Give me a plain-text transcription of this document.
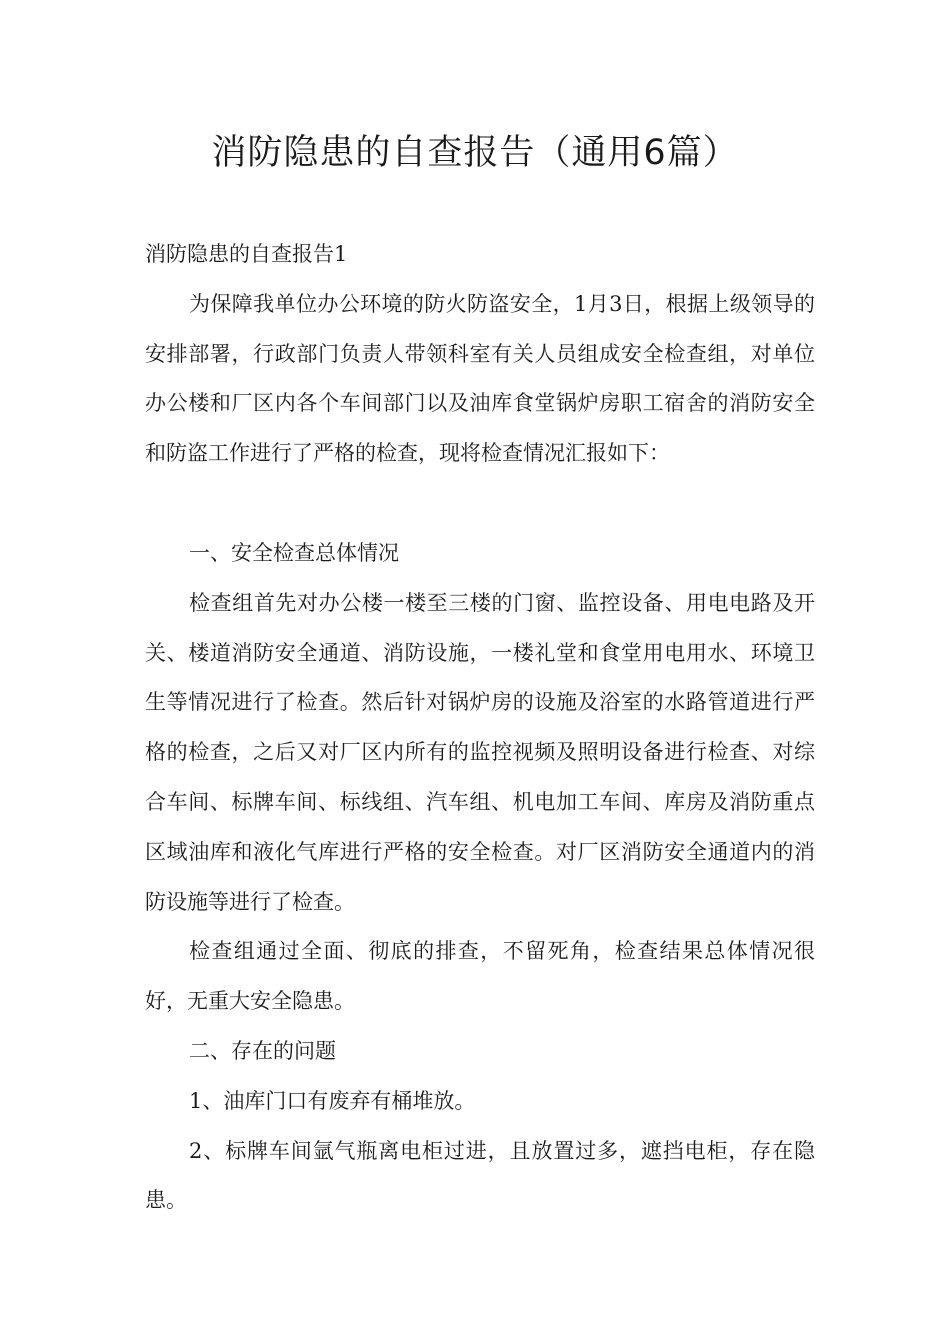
消防隐患的自查报告（通用6篇）

消防隐患的自查报告1

为保障我单位办公环境的防火防盗安全，1月3日，根据上级领导的安排部署，行政部门负责人带领科室有关人员组成安全检查组，对单位办公楼和厂区内各个车间部门以及油库食堂锅炉房职工宿舍的消防安全和防盗工作进行了严格的检查，现将检查情况汇报如下：

一、安全检查总体情况

检查组首先对办公楼一楼至三楼的门窗、监控设备、用电电路及开关、楼道消防安全通道、消防设施，一楼礼堂和食堂用电用水、环境卫生等情况进行了检查。然后针对锅炉房的设施及浴室的水路管道进行严格的检查，之后又对厂区内所有的监控视频及照明设备进行检查、对综合车间、标牌车间、标线组、汽车组、机电加工车间、库房及消防重点区域油库和液化气库进行严格的安全检查。对厂区消防安全通道内的消防设施等进行了检查。

检查组通过全面、彻底的排查，不留死角，检查结果总体情况很好，无重大安全隐患。

二、存在的问题

1、油库门口有废弃有桶堆放。

2、标牌车间氩气瓶离电柜过进，且放置过多，遮挡电柜，存在隐患。
